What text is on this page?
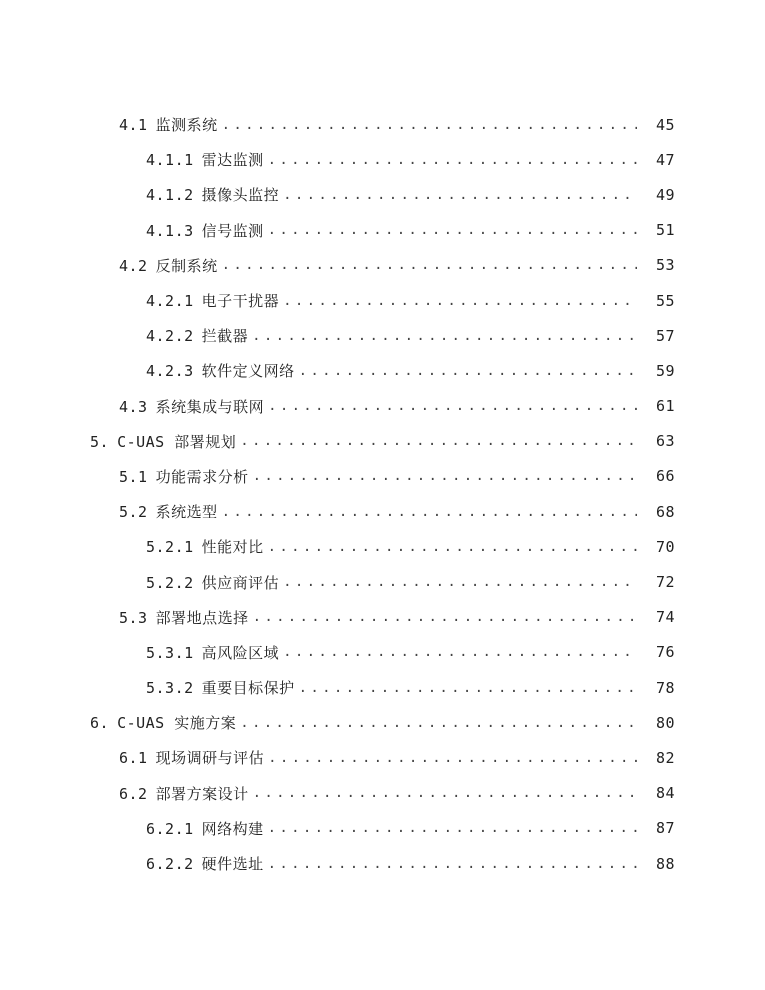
4.1 监测系统 .....	45
4.1.1 雷达监测 .....	47
4.1.2 摄像头监控 .....	49
4.1.3 信号监测 .....	51
4.2 反制系统 .....	53
4.2.1 电子干扰器 .....	55
4.2.2 拦截器 .....	57
4.2.3 软件定义网络 .....	59
4.3 系统集成与联网 .....	61
5. C-UAS 部署规划 .....	63
5.1 功能需求分析 .....	66
5.2 系统选型 .....	68
5.2.1 性能对比 .....	70
5.2.2 供应商评估 .....	72
5.3 部署地点选择 .....	74
5.3.1 高风险区域 .....	76
5.3.2 重要目标保护 .....	78
6. C-UAS 实施方案 .....	80
6.1 现场调研与评估 .....	82
6.2 部署方案设计 .....	84
6.2.1 网络构建 .....	87
6.2.2 硬件选址 .....	88
